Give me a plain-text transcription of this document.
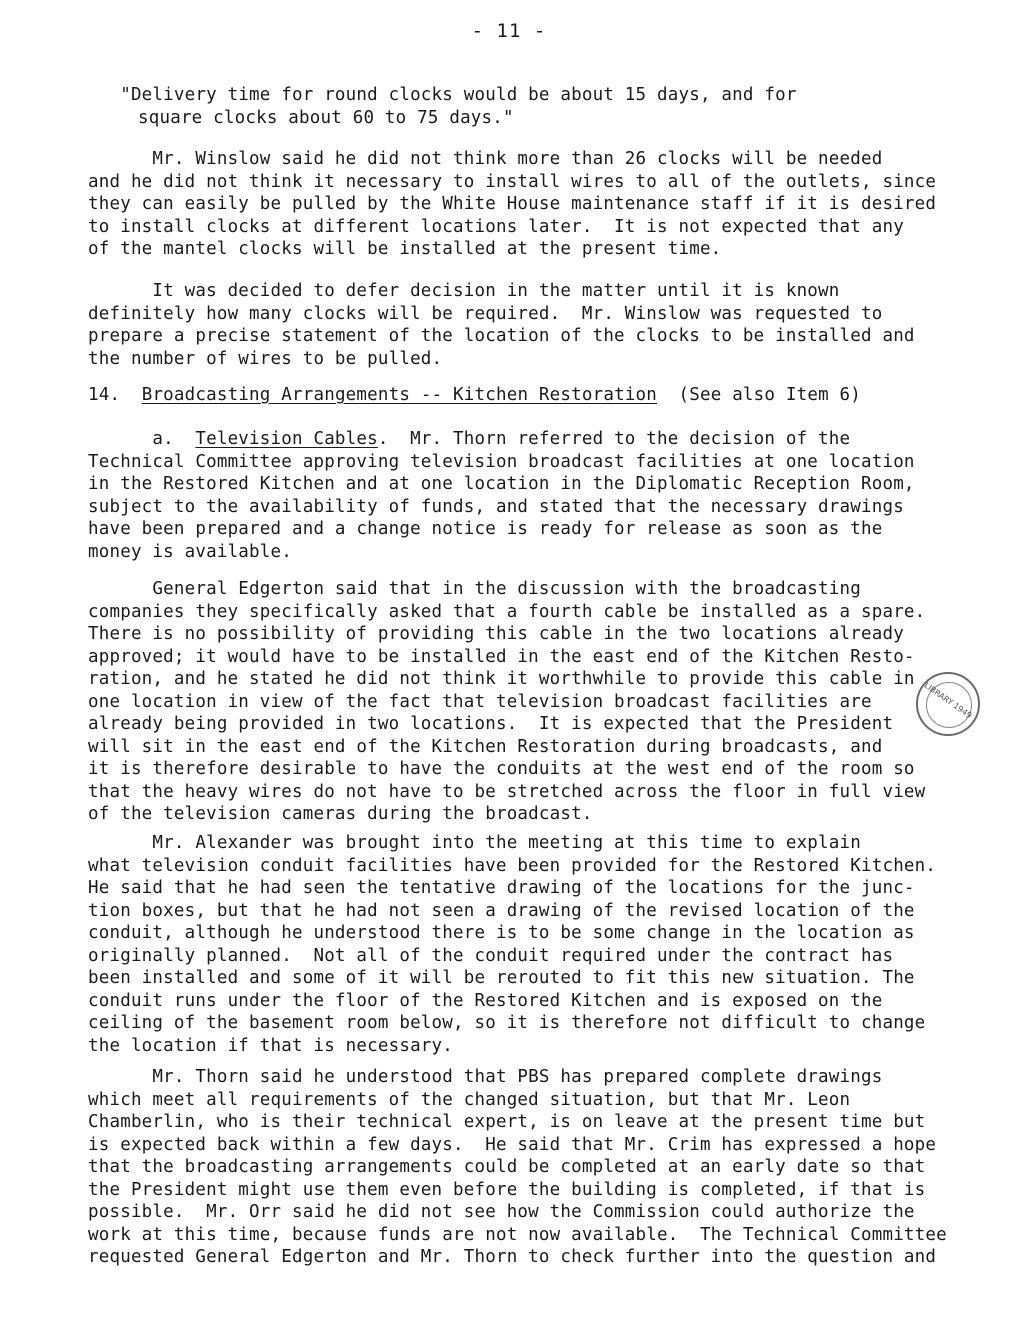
- 11 -
"Delivery time for round clocks would be about 15 days, and for
square clocks about 60 to 75 days."
Mr. Winslow said he did not think more than 26 clocks will be needed
and he did not think it necessary to install wires to all of the outlets, since
they can easily be pulled by the White House maintenance staff if it is desired
to install clocks at different locations later.  It is not expected that any
of the mantel clocks will be installed at the present time.
It was decided to defer decision in the matter until it is known
definitely how many clocks will be required.  Mr. Winslow was requested to
prepare a precise statement of the location of the clocks to be installed and
the number of wires to be pulled.
14. Broadcasting Arrangements -- Kitchen Restoration (See also Item 6)
a.  Television Cables.  Mr. Thorn referred to the decision of the
Technical Committee approving television broadcast facilities at one location
in the Restored Kitchen and at one location in the Diplomatic Reception Room,
subject to the availability of funds, and stated that the necessary drawings
have been prepared and a change notice is ready for release as soon as the
money is available.
General Edgerton said that in the discussion with the broadcasting
companies they specifically asked that a fourth cable be installed as a spare.
There is no possibility of providing this cable in the two locations already
approved; it would have to be installed in the east end of the Kitchen Resto-
ration, and he stated he did not think it worthwhile to provide this cable in
one location in view of the fact that television broadcast facilities are
already being provided in two locations.  It is expected that the President
will sit in the east end of the Kitchen Restoration during broadcasts, and
it is therefore desirable to have the conduits at the west end of the room so
that the heavy wires do not have to be stretched across the floor in full view
of the television cameras during the broadcast.
Mr. Alexander was brought into the meeting at this time to explain
what television conduit facilities have been provided for the Restored Kitchen.
He said that he had seen the tentative drawing of the locations for the junc-
tion boxes, but that he had not seen a drawing of the revised location of the
conduit, although he understood there is to be some change in the location as
originally planned.  Not all of the conduit required under the contract has
been installed and some of it will be rerouted to fit this new situation. The
conduit runs under the floor of the Restored Kitchen and is exposed on the
ceiling of the basement room below, so it is therefore not difficult to change
the location if that is necessary.
Mr. Thorn said he understood that PBS has prepared complete drawings
which meet all requirements of the changed situation, but that Mr. Leon
Chamberlin, who is their technical expert, is on leave at the present time but
is expected back within a few days.  He said that Mr. Crim has expressed a hope
that the broadcasting arrangements could be completed at an early date so that
the President might use them even before the building is completed, if that is
possible.  Mr. Orr said he did not see how the Commission could authorize the
work at this time, because funds are not now available.  The Technical Committee
requested General Edgerton and Mr. Thorn to check further into the question and
LIBRARY 1949
